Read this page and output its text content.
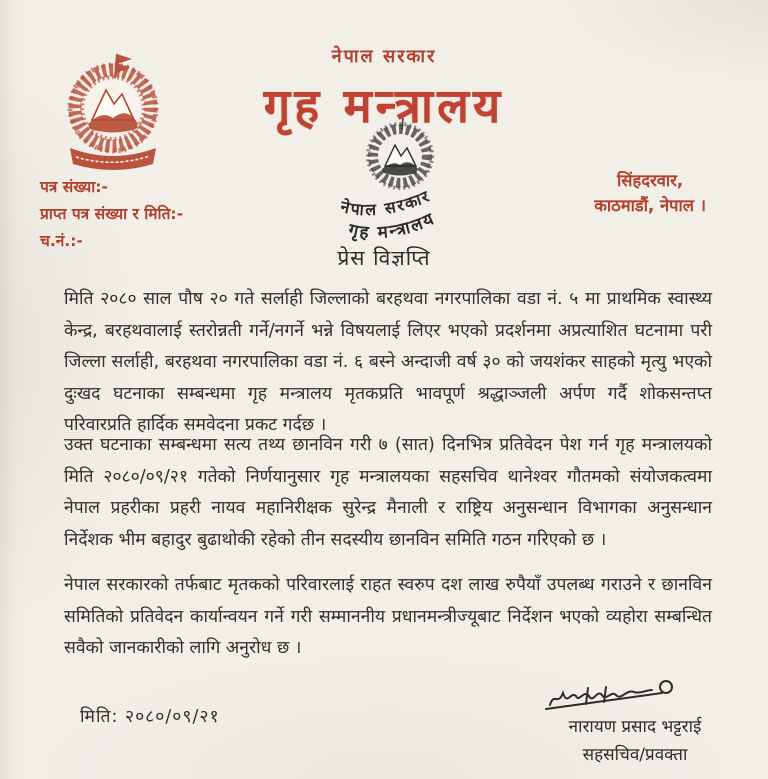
नेपाल सरकार
गृह मन्त्रालय
नेपाल सरकार
गृह मन्त्रालय
पत्र संख्या:-
प्राप्त पत्र संख्या र मिति:-
च.नं.:-
सिंहदरवार,
काठमाडौं, नेपाल ।
प्रेस विज्ञप्ति

मिति २०८० साल पौष २० गते सर्लाही जिल्लाको बरहथवा नगरपालिका वडा नं. ५ मा प्राथमिक स्वास्थ्य केन्द्र, बरहथवालाई स्तरोन्नती गर्ने/नगर्ने भन्ने विषयलाई लिएर भएको प्रदर्शनमा अप्रत्याशित घटनामा परी जिल्ला सर्लाही, बरहथवा नगरपालिका वडा नं. ६ बस्ने अन्दाजी वर्ष ३० को जयशंकर साहको मृत्यु भएको दुःखद घटनाका सम्बन्धमा गृह मन्त्रालय मृतकप्रति भावपूर्ण श्रद्धाञ्जली अर्पण गर्दै शोकसन्तप्त परिवारप्रति हार्दिक समवेदना प्रकट गर्दछ ।

उक्त घटनाका सम्बन्धमा सत्य तथ्य छानविन गरी ७ (सात) दिनभित्र प्रतिवेदन पेश गर्न गृह मन्त्रालयको मिति २०८०/०९/२१ गतेको निर्णयानुसार गृह मन्त्रालयका सहसचिव थानेश्वर गौतमको संयोजकत्वमा नेपाल प्रहरीका प्रहरी नायव महानिरीक्षक सुरेन्द्र मैनाली र राष्ट्रिय अनुसन्धान विभागका अनुसन्धान निर्देशक भीम बहादुर बुढाथोकी रहेको तीन सदस्यीय छानविन समिति गठन गरिएको छ ।

नेपाल सरकारको तर्फबाट मृतकको परिवारलाई राहत स्वरुप दश लाख रुपैयाँ उपलब्ध गराउने र छानविन समितिको प्रतिवेदन कार्यान्वयन गर्ने गरी सम्माननीय प्रधानमन्त्रीज्यूबाट निर्देशन भएको व्यहोरा सम्बन्धित सवैको जानकारीको लागि अनुरोध छ ।

मिति: २०८०/०९/२१	नारायण प्रसाद भट्टराई
सहसचिव/प्रवक्ता
